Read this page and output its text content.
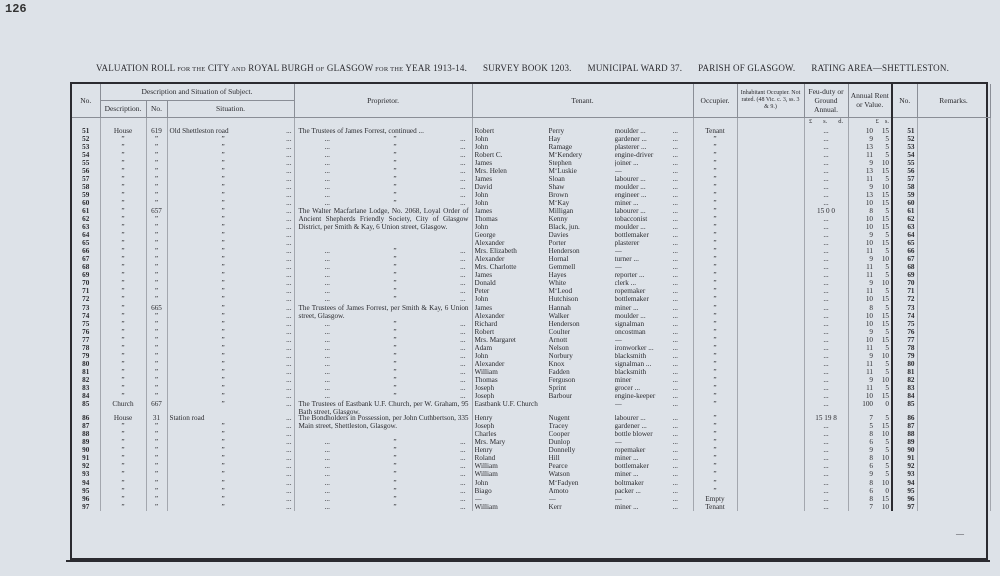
126
VALUATION ROLL FOR THE CITY AND ROYAL BURGH OF GLASGOW FOR THE YEAR 1913-14. SURVEY BOOK 1203. MUNICIPAL WARD 37. PARISH OF GLASGOW. RATING AREA—SHETTLESTON.
No.	Description and Situation of Subject.			Proprietor.	Tenant.	Occupier.	Inhabitant Occupier. Not rated. (48 Vic. c. 3, ss. 3 & 9.)	Feu-duty or Ground Annual.	Annual Rent or Value.	No.	Remarks.
	Description.	No.	Situation.								

								£ s. d.	£ s.		

51	House	619	Old Shettleston road ...	The Trustees of James Forrest, continued ...	Robert Perry moulder ... ...	Tenant		...	10 15	51	
52	”	”	” ...	... ” ...	John Hay gardener ... ...	”		...	9 5	52	
53	”	”	” ...	... ” ...	John Ramage plasterer ... ...	”		...	13 5	53	
54	”	”	” ...	... ” ...	Robert C. M‘Kendery engine-driver ...	”		...	11 5	54	
55	”	”	” ...	... ” ...	James Stephen joiner ... ...	”		...	9 10	55	
56	”	”	” ...	... ” ...	Mrs. Helen M‘Luskie — ...	”		...	13 15	56	
57	”	”	” ...	... ” ...	James Sloan labourer ... ...	”		...	11 5	57	
58	”	”	” ...	... ” ...	David Shaw moulder ... ...	”		...	9 10	58	
59	”	”	” ...	... ” ...	John Brown engineer ... ...	”		...	13 15	59	
60	”	”	” ...	... ” ...	John M‘Kay miner ... ...	”		...	10 15	60	
61	”	657	” ...	The Walter Macfarlane Lodge, No. 2068, Loyal Order of Ancient Shepherds Friendly Society, City of Glasgow District, per Smith & Kay, 6 Union street, Glasgow.	James Milligan labourer ... ...	”		15 0 0	8 5	61	
62	”	”	” ...		Thomas Kenny tobacconist ...	”		...	10 15	62	
63	”	”	” ...		John Black, jun. moulder ... ...	”		...	10 15	63	
64	”	”	” ...		George Davies bottlemaker ...	”		...	9 5	64	
65	”	”	” ...		Alexander Porter plasterer ...	”		...	10 15	65	
66	”	”	” ...	... ” ...	Mrs. Elizabeth Henderson — ...	”		...	11 5	66	
67	”	”	” ...	... ” ...	Alexander Hornal turner ... ...	”		...	9 10	67	
68	”	”	” ...	... ” ...	Mrs. Charlotte Gemmell — ...	”		...	11 5	68	
69	”	”	” ...	... ” ...	James Hayes reporter ... ...	”		...	11 5	69	
70	”	”	” ...	... ” ...	Donald White clerk ... ...	”		...	9 10	70	
71	”	”	” ...	... ” ...	Peter M‘Leod ropemaker ...	”		...	11 5	71	
72	”	”	” ...	... ” ...	John Hutchison bottlemaker ...	”		...	10 15	72	
73	”	665	” ...	The Trustees of James Forrest, per Smith & Kay, 6 Union street, Glasgow.	James Hannah miner ... ...	”		...	8 5	73	
74	”	”	” ...		Alexander Walker moulder ... ...	”		...	10 15	74	
75	”	”	” ...	... ” ...	Richard Henderson signalman ...	”		...	10 15	75	
76	”	”	” ...	... ” ...	Robert Coulter oncostman ...	”		...	9 5	76	
77	”	”	” ...	... ” ...	Mrs. Margaret Arnott — ...	”		...	10 15	77	
78	”	”	” ...	... ” ...	Adam Nelson ironworker ... ...	”		...	11 5	78	
79	”	”	” ...	... ” ...	John Norbury blacksmith ...	”		...	9 10	79	
80	”	”	” ...	... ” ...	Alexander Knox signalman ... ...	”		...	11 5	80	
81	”	”	” ...	... ” ...	William Fadden blacksmith ...	”		...	11 5	81	
82	”	”	” ...	... ” ...	Thomas Ferguson miner ...	”		...	9 10	82	
83	”	”	” ...	... ” ...	Joseph Sprint grocer ... ...	”		...	11 5	83	
84	”	”	” ...	... ” ...	Joseph Barbour engine-keeper ...	”		...	10 15	84	
85	Church	667	” ...	The Trustees of Eastbank U.F. Church, per W. Graham, 95 Bath street, Glasgow.	Eastbank U.F. Church — ...	”		...	100 0	85	

86	House	31	Station road ...	The Bondholders in Possession, per John Cuthbertson, 335 Main street, Shettleston, Glasgow.	Henry Nugent labourer ... ...	”		15 19 8	7 5	86	
87	”	”	” ...		Joseph Tracey gardener ... ...	”		...	5 15	87	
88	”	”	” ...		Charles Cooper bottle blower ...	”		...	8 10	88	
89	”	”	” ...	... ” ...	Mrs. Mary Dunlop — ...	”		...	6 5	89	
90	”	”	” ...	... ” ...	Henry Donnelly ropemaker ...	”		...	9 5	90	
91	”	”	” ...	... ” ...	Roland Hill miner ... ...	”		...	8 10	91	
92	”	”	” ...	... ” ...	William Pearce bottlemaker ...	”		...	6 5	92	
93	”	”	” ...	... ” ...	William Watson miner ... ...	”		...	9 5	93	
94	”	”	” ...	... ” ...	John M‘Fadyen boltmaker ...	”		...	8 10	94	
95	”	”	” ...	... ” ...	Biago Amoto packer ... ...	”		...	6 0	95	
96	”	”	” ...	... ” ...	— — — ...	Empty		...	8 15	96	
97	”	”	” ...	... ” ...	William Kerr miner ... ...	Tenant		...	7 10	97	
—
